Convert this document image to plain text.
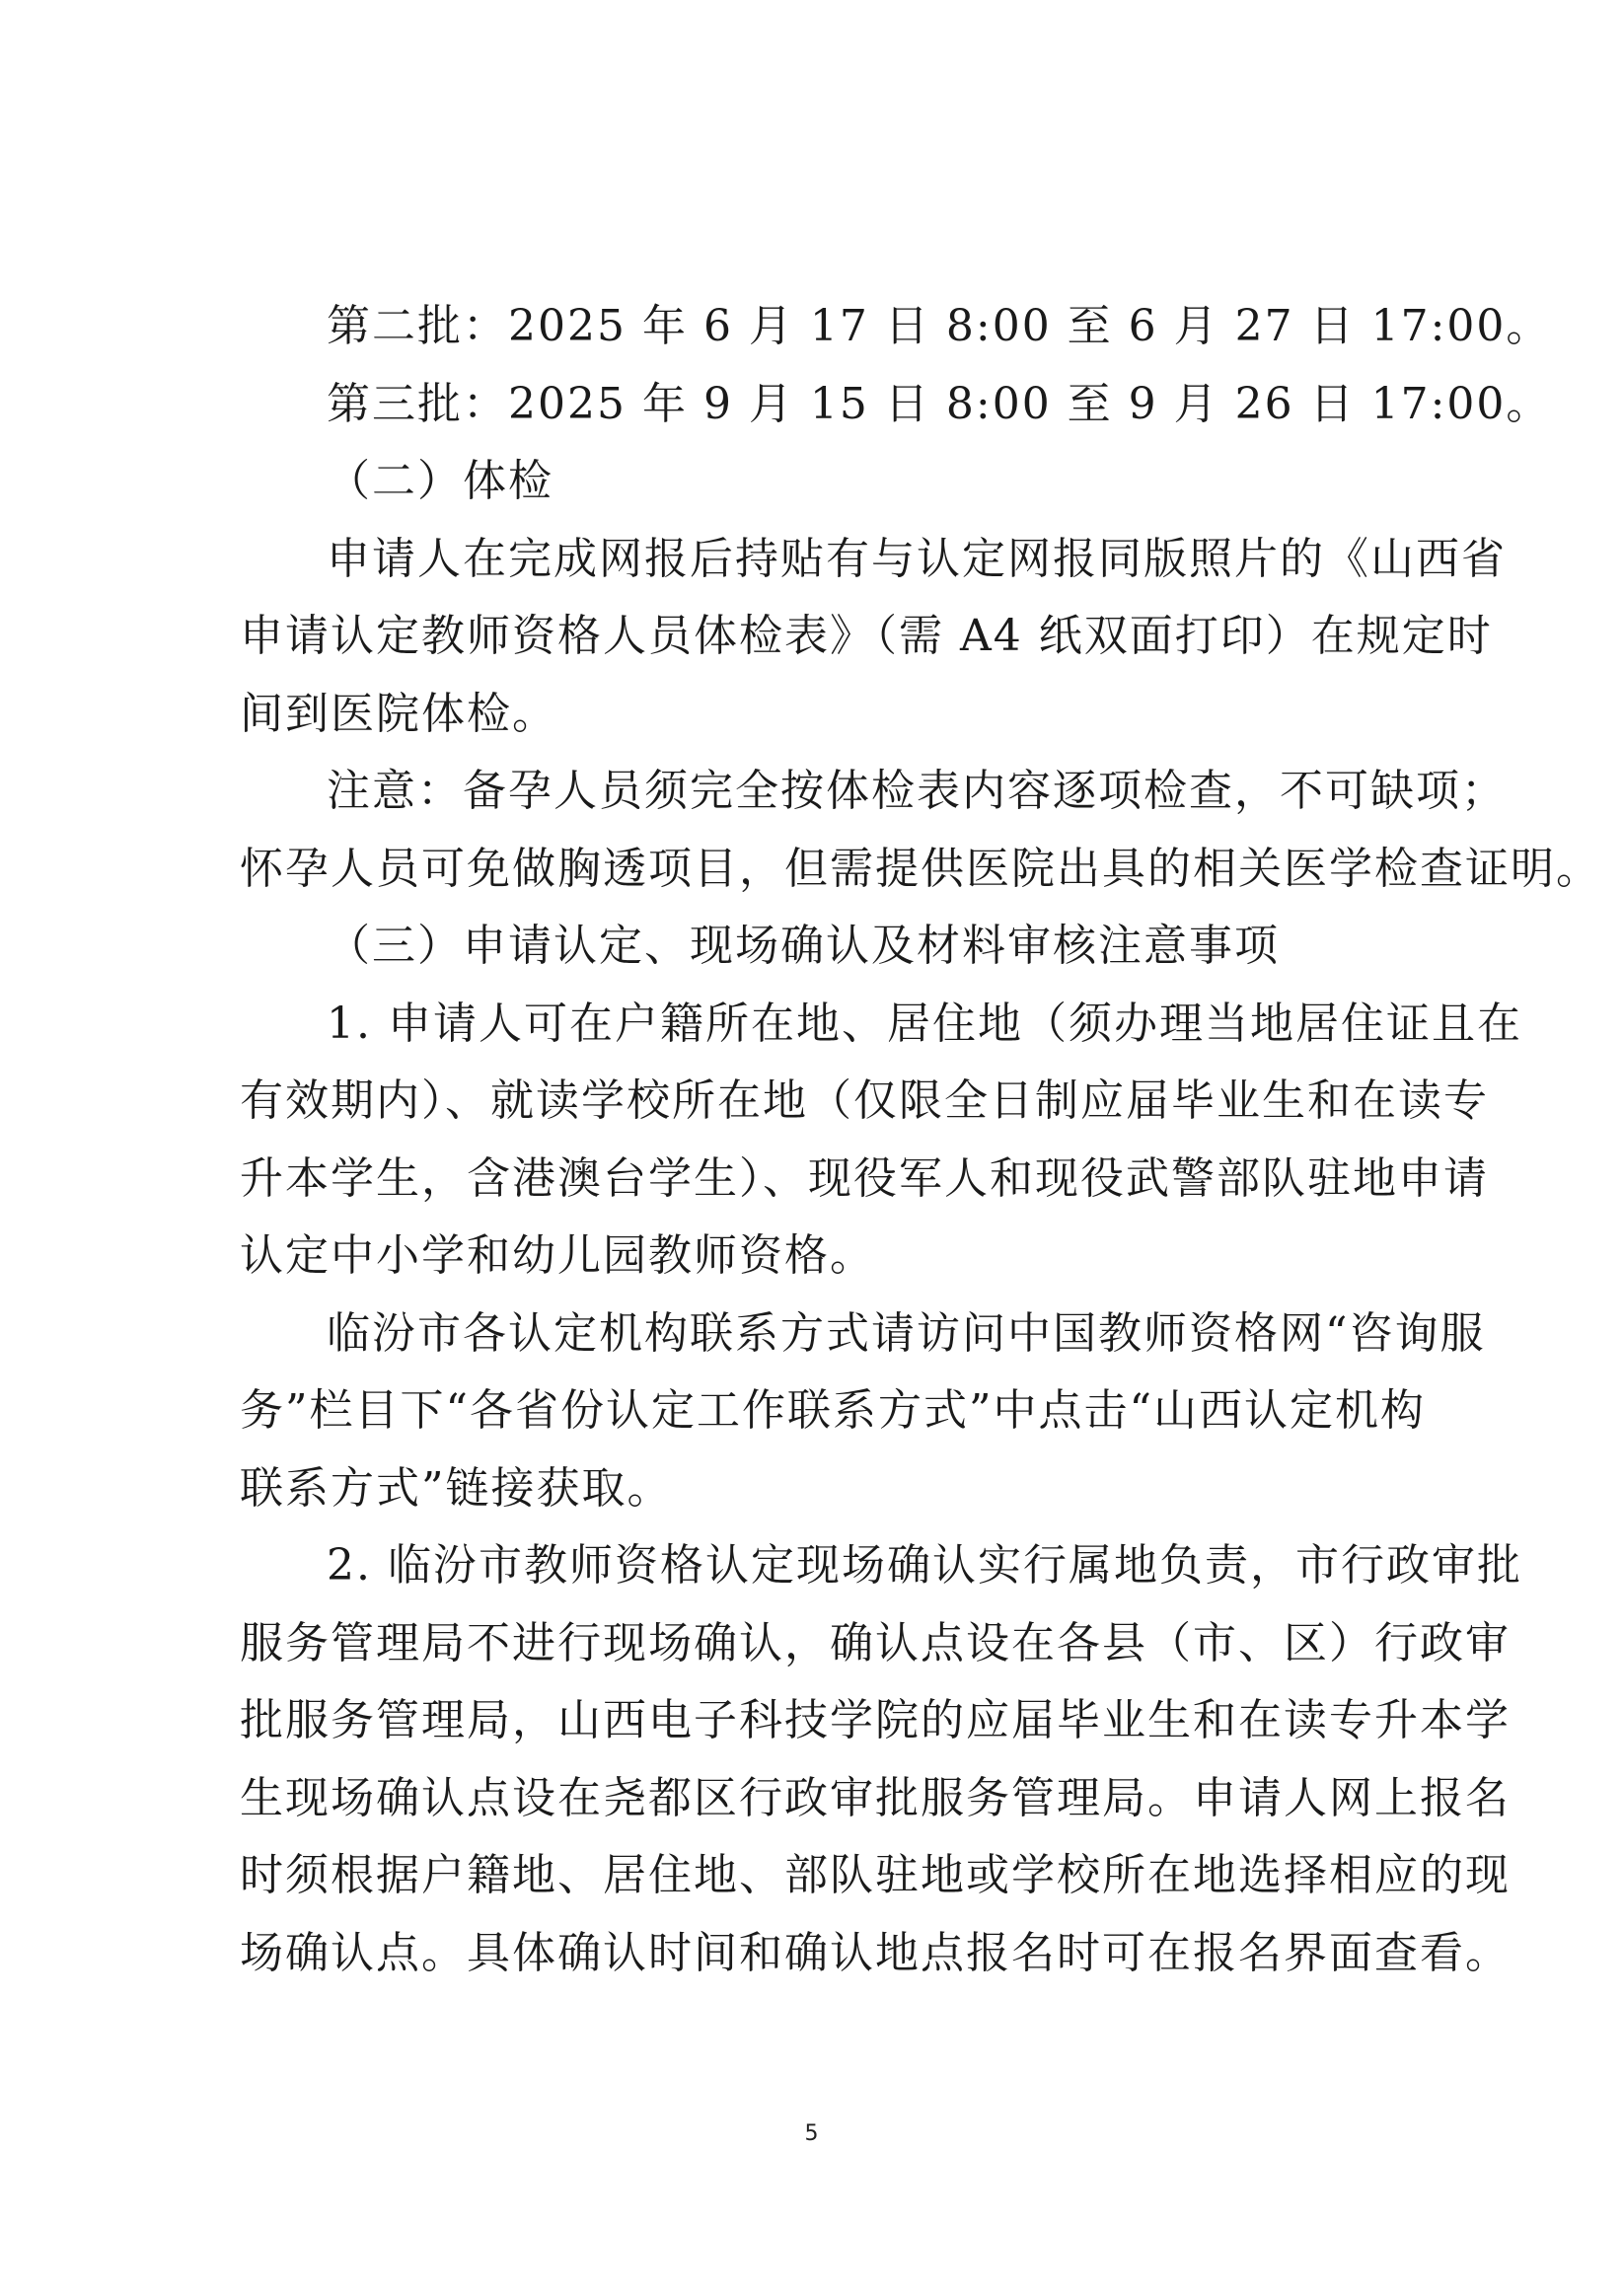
第二批：2025 年 6 月 17 日 8:00 至 6 月 27 日 17:00。
第三批：2025 年 9 月 15 日 8:00 至 9 月 26 日 17:00。
（二）体检
申请人在完成网报后持贴有与认定网报同版照片的《山西省
申请认定教师资格人员体检表》（需 A4 纸双面打印）在规定时
间到医院体检。
注意：备孕人员须完全按体检表内容逐项检查，不可缺项；
怀孕人员可免做胸透项目，但需提供医院出具的相关医学检查证明。
（三）申请认定、现场确认及材料审核注意事项
1. 申请人可在户籍所在地、居住地（须办理当地居住证且在
有效期内）、就读学校所在地（仅限全日制应届毕业生和在读专
升本学生，含港澳台学生）、现役军人和现役武警部队驻地申请
认定中小学和幼儿园教师资格。
临汾市各认定机构联系方式请访问中国教师资格网“咨询服
务”栏目下“各省份认定工作联系方式”中点击“山西认定机构
联系方式”链接获取。
2. 临汾市教师资格认定现场确认实行属地负责，市行政审批
服务管理局不进行现场确认，确认点设在各县（市、区）行政审
批服务管理局，山西电子科技学院的应届毕业生和在读专升本学
生现场确认点设在尧都区行政审批服务管理局。申请人网上报名
时须根据户籍地、居住地、部队驻地或学校所在地选择相应的现
场确认点。具体确认时间和确认地点报名时可在报名界面查看。
5
